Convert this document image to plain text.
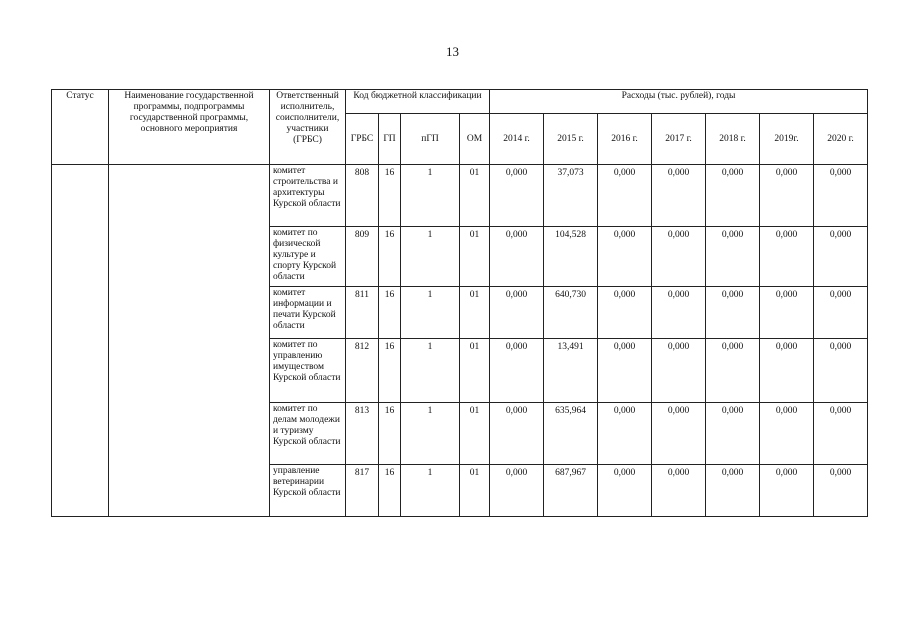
13
Статус	Наименование государственной программы, подпрограммы государственной программы, основного мероприятия	Ответственный исполнитель, соисполнители, участники (ГРБС)	Код бюджетной классификации				Расходы (тыс. рублей), годы						
			ГРБС	ГП	пГП	ОМ	2014 г.	2015 г.	2016 г.	2017 г.	2018 г.	2019г.	2020 г.
		комитет строительства и архитектуры Курской области	808	16	1	01	0,000	37,073	0,000	0,000	0,000	0,000	0,000
		комитет по физической культуре и спорту Курской области	809	16	1	01	0,000	104,528	0,000	0,000	0,000	0,000	0,000
		комитет информации и печати Курской области	811	16	1	01	0,000	640,730	0,000	0,000	0,000	0,000	0,000
		комитет по управлению имуществом Курской области	812	16	1	01	0,000	13,491	0,000	0,000	0,000	0,000	0,000
		комитет по делам молодежи и туризму Курской области	813	16	1	01	0,000	635,964	0,000	0,000	0,000	0,000	0,000
		управление ветеринарии Курской области	817	16	1	01	0,000	687,967	0,000	0,000	0,000	0,000	0,000
